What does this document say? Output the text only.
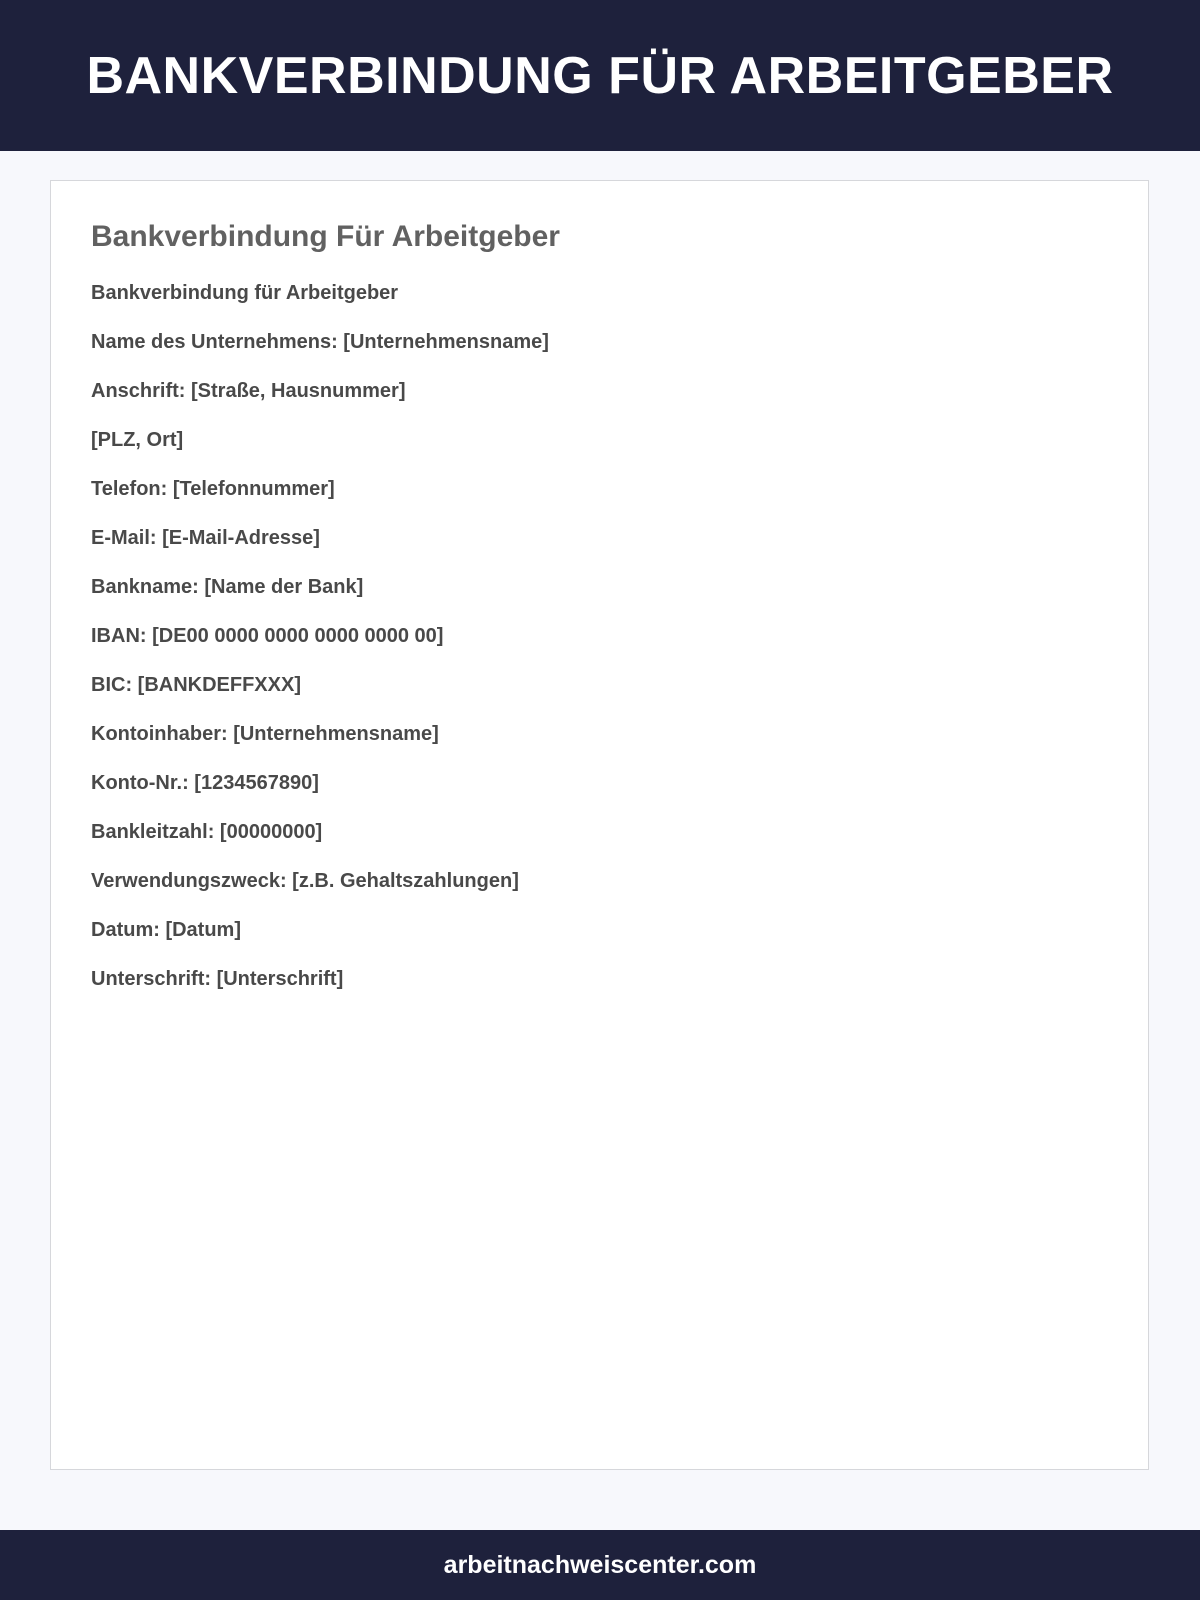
BANKVERBINDUNG FÜR ARBEITGEBER
Bankverbindung Für Arbeitgeber
Bankverbindung für Arbeitgeber
Name des Unternehmens: [Unternehmensname]
Anschrift: [Straße, Hausnummer]
[PLZ, Ort]
Telefon: [Telefonnummer]
E-Mail: [E-Mail-Adresse]
Bankname: [Name der Bank]
IBAN: [DE00 0000 0000 0000 0000 00]
BIC: [BANKDEFFXXX]
Kontoinhaber: [Unternehmensname]
Konto-Nr.: [1234567890]
Bankleitzahl: [00000000]
Verwendungszweck: [z.B. Gehaltszahlungen]
Datum: [Datum]
Unterschrift: [Unterschrift]
arbeitnachweiscenter.com
